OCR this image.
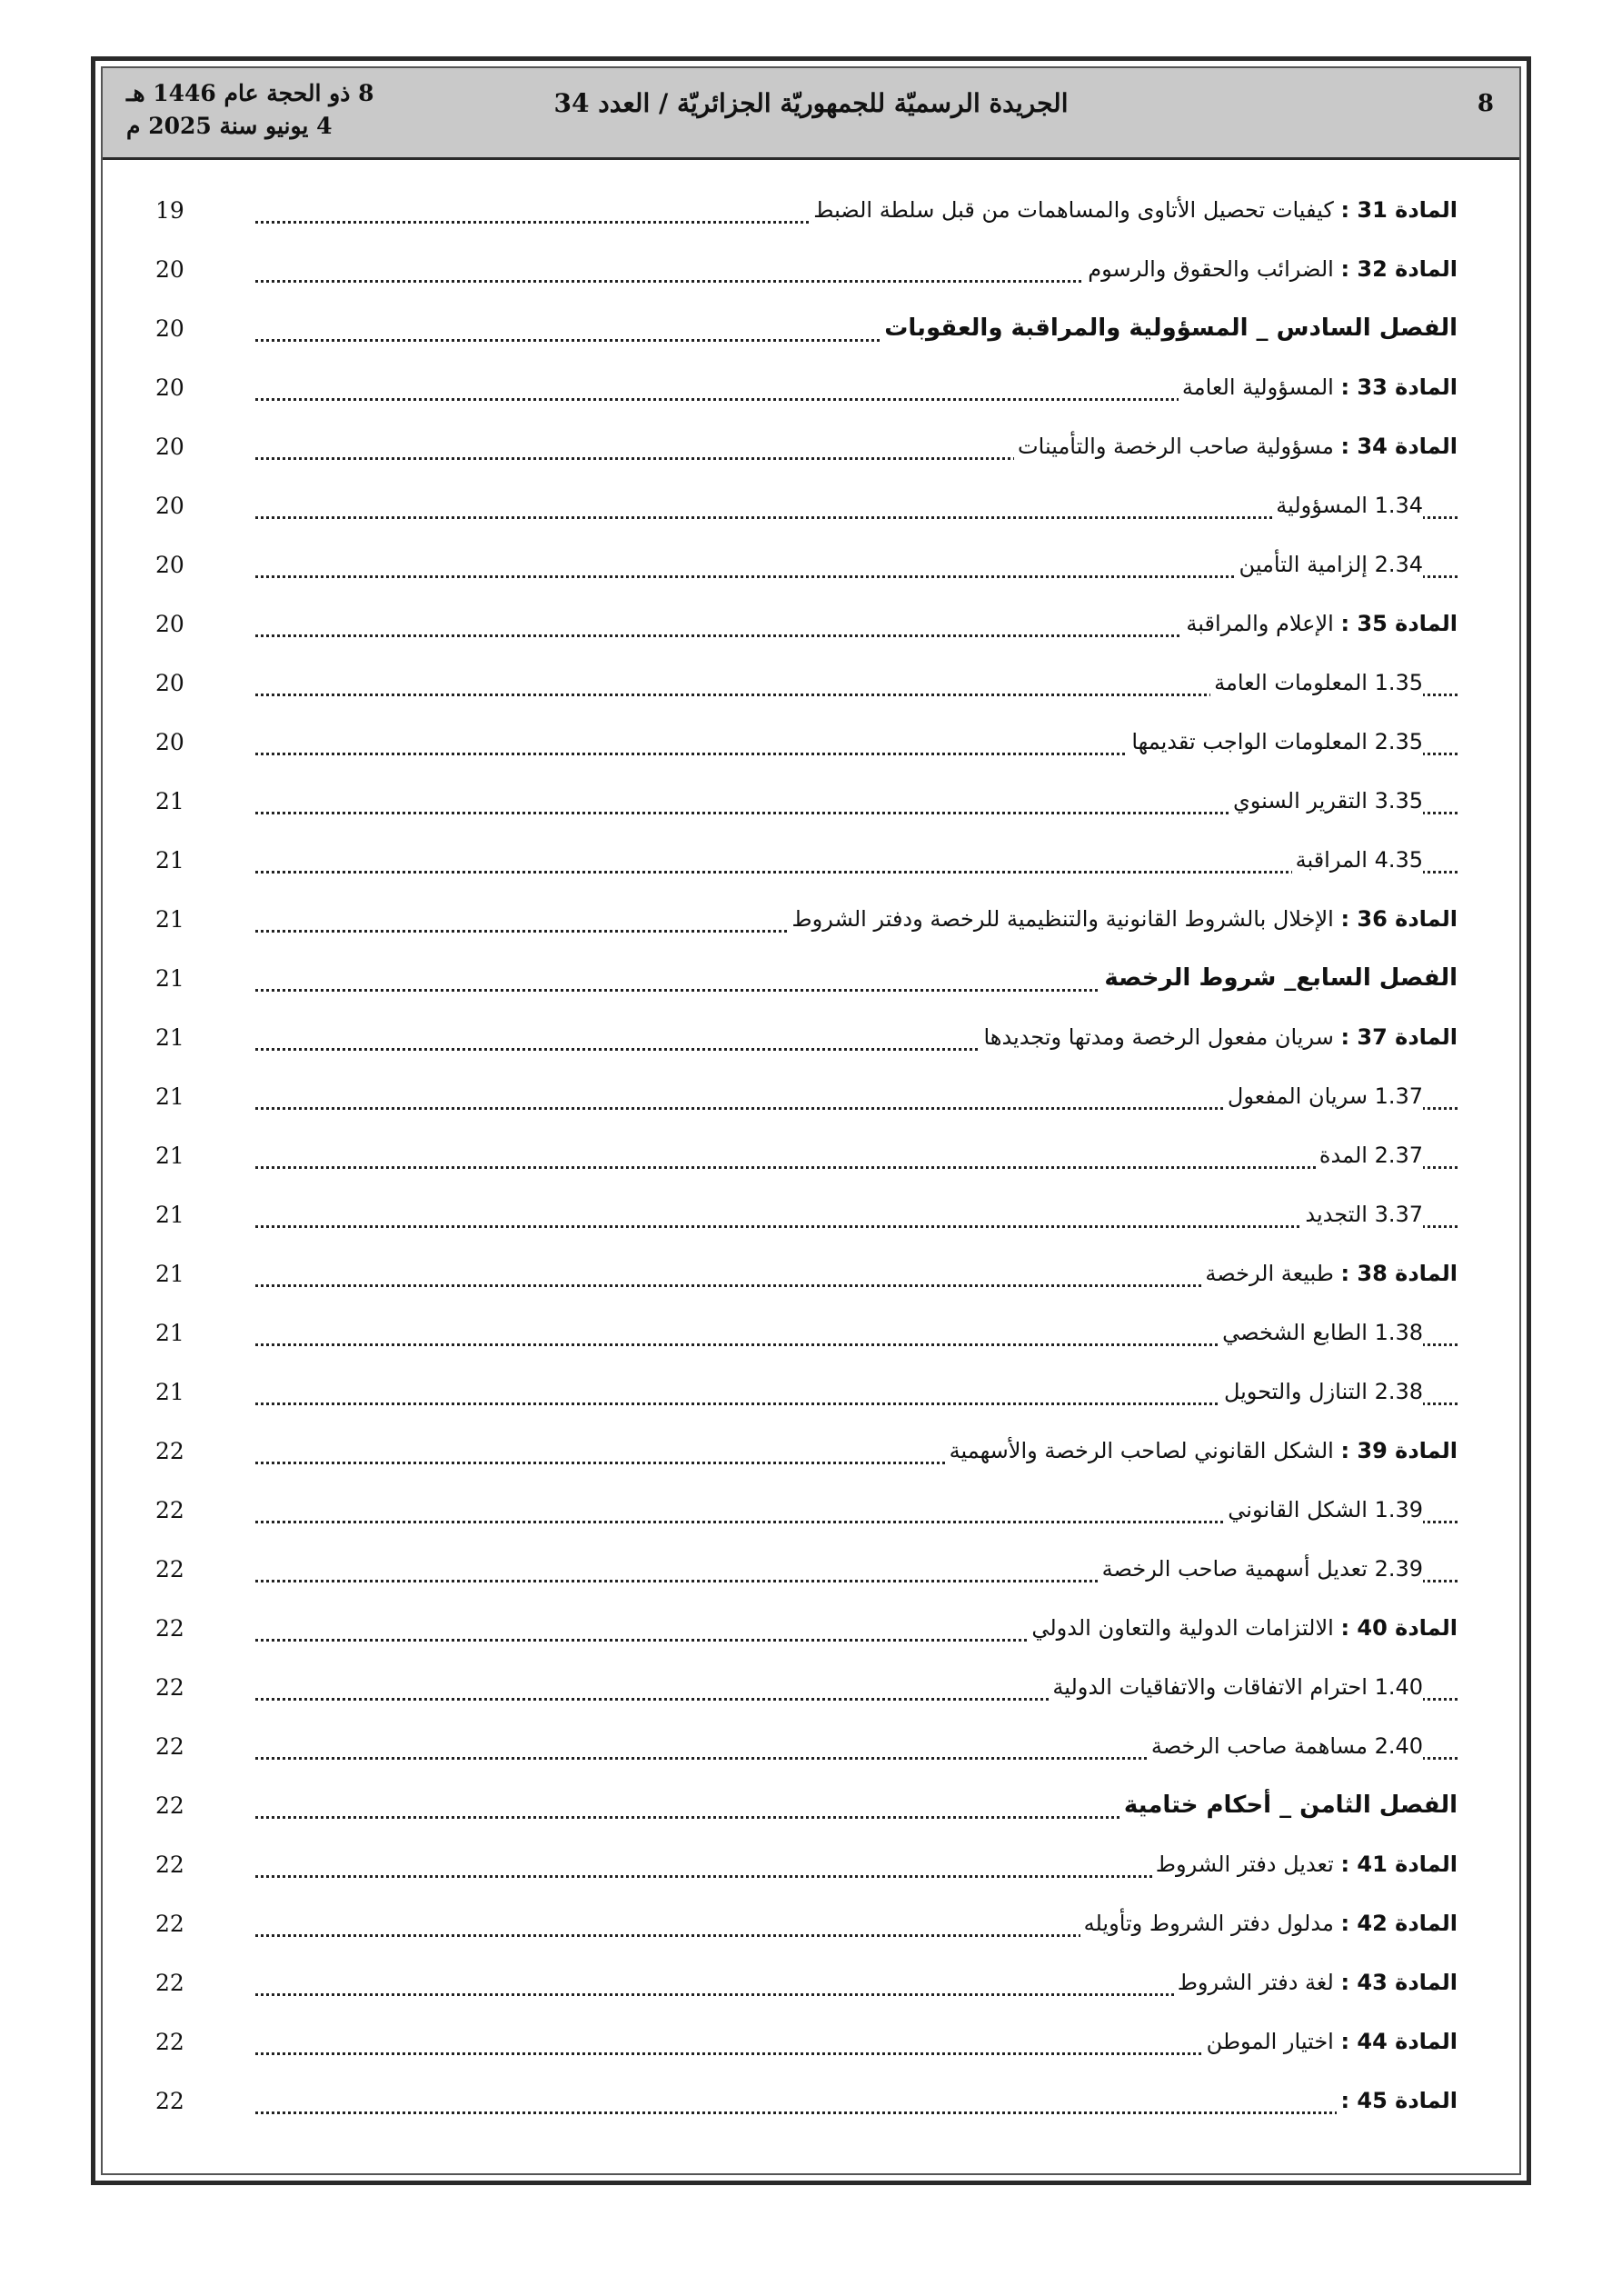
8
الجريدة الرسميّة للجمهوريّة الجزائريّة / العدد 34
8 ذو الحجة عام 1446 هـ
4 يونيو سنة 2025 م
19	المادة 31 : كيفيات تحصيل الأتاوى والمساهمات من قبل سلطة الضبط
20	المادة 32 : الضرائب والحقوق والرسوم
20	الفصل السادس _ المسؤولية والمراقبة والعقوبات
20	المادة 33 : المسؤولية العامة
20	المادة 34 : مسؤولية صاحب الرخصة والتأمينات
20	1.34 المسؤولية
20	2.34 إلزامية التأمين
20	المادة 35 : الإعلام والمراقبة
20	1.35 المعلومات العامة
20	2.35 المعلومات الواجب تقديمها
21	3.35 التقرير السنوي
21	4.35 المراقبة
21	المادة 36 : الإخلال بالشروط القانونية والتنظيمية للرخصة ودفتر الشروط
21	الفصل السابع_ شروط الرخصة
21	المادة 37 : سريان مفعول الرخصة ومدتها وتجديدها
21	1.37 سريان المفعول
21	2.37 المدة
21	3.37 التجديد
21	المادة 38 : طبيعة الرخصة
21	1.38 الطابع الشخصي
21	2.38 التنازل والتحويل
22	المادة 39 : الشكل القانوني لصاحب الرخصة والأسهمية
22	1.39 الشكل القانوني
22	2.39 تعديل أسهمية صاحب الرخصة
22	المادة 40 : الالتزامات الدولية والتعاون الدولي
22	1.40 احترام الاتفاقات والاتفاقيات الدولية
22	2.40 مساهمة صاحب الرخصة
22	الفصل الثامن _ أحكام ختامية
22	المادة 41 : تعديل دفتر الشروط
22	المادة 42 : مدلول دفتر الشروط وتأويله
22	المادة 43 : لغة دفتر الشروط
22	المادة 44 : اختيار الموطن
22	المادة 45 :
